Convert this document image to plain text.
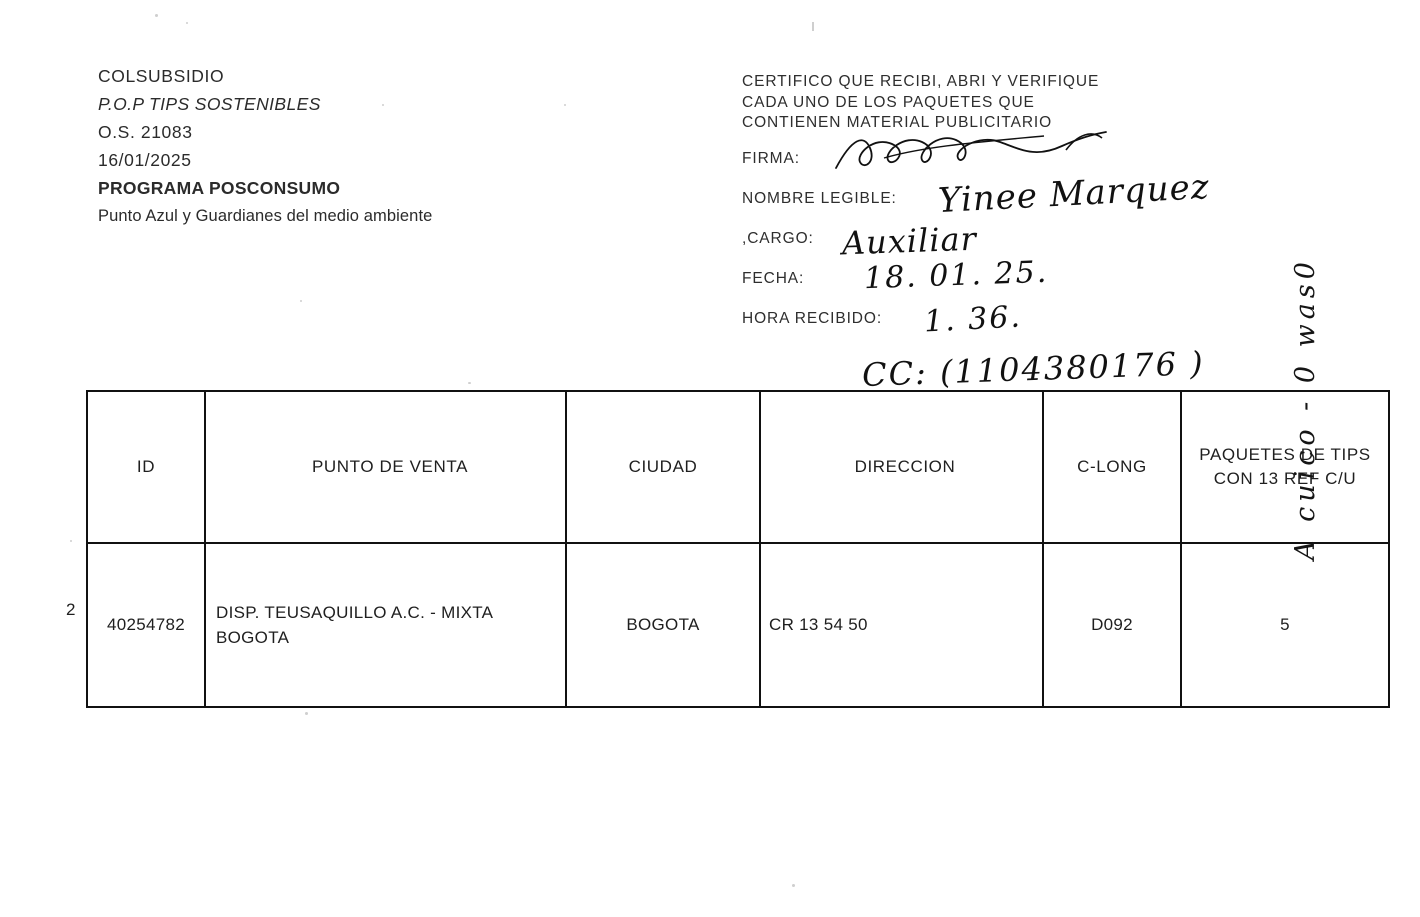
COLSUBSIDIO
P.O.P TIPS SOSTENIBLES
O.S. 21083
16/01/2025
PROGRAMA POSCONSUMO
Punto Azul y Guardianes del medio ambiente
CERTIFICO QUE RECIBI, ABRI Y VERIFIQUE
CADA UNO DE LOS PAQUETES QUE
CONTIENEN MATERIAL PUBLICITARIO
FIRMA:
NOMBRE LEGIBLE: Yinee Marquez
,CARGO: Auxiliar
FECHA: 18. 01. 25.
HORA RECIBIDO: 1. 36.
CC: (1104380176 )
2
ID	PUNTO DE VENTA	CIUDAD	DIRECCION	C-LONG	PAQUETES DE TIPS
CON 13 REF C/U

40254782	DISP. TEUSAQUILLO A.C. - MIXTA BOGOTA	BOGOTA	CR 13 54 50	D092	5
A cuico - 0 was0
